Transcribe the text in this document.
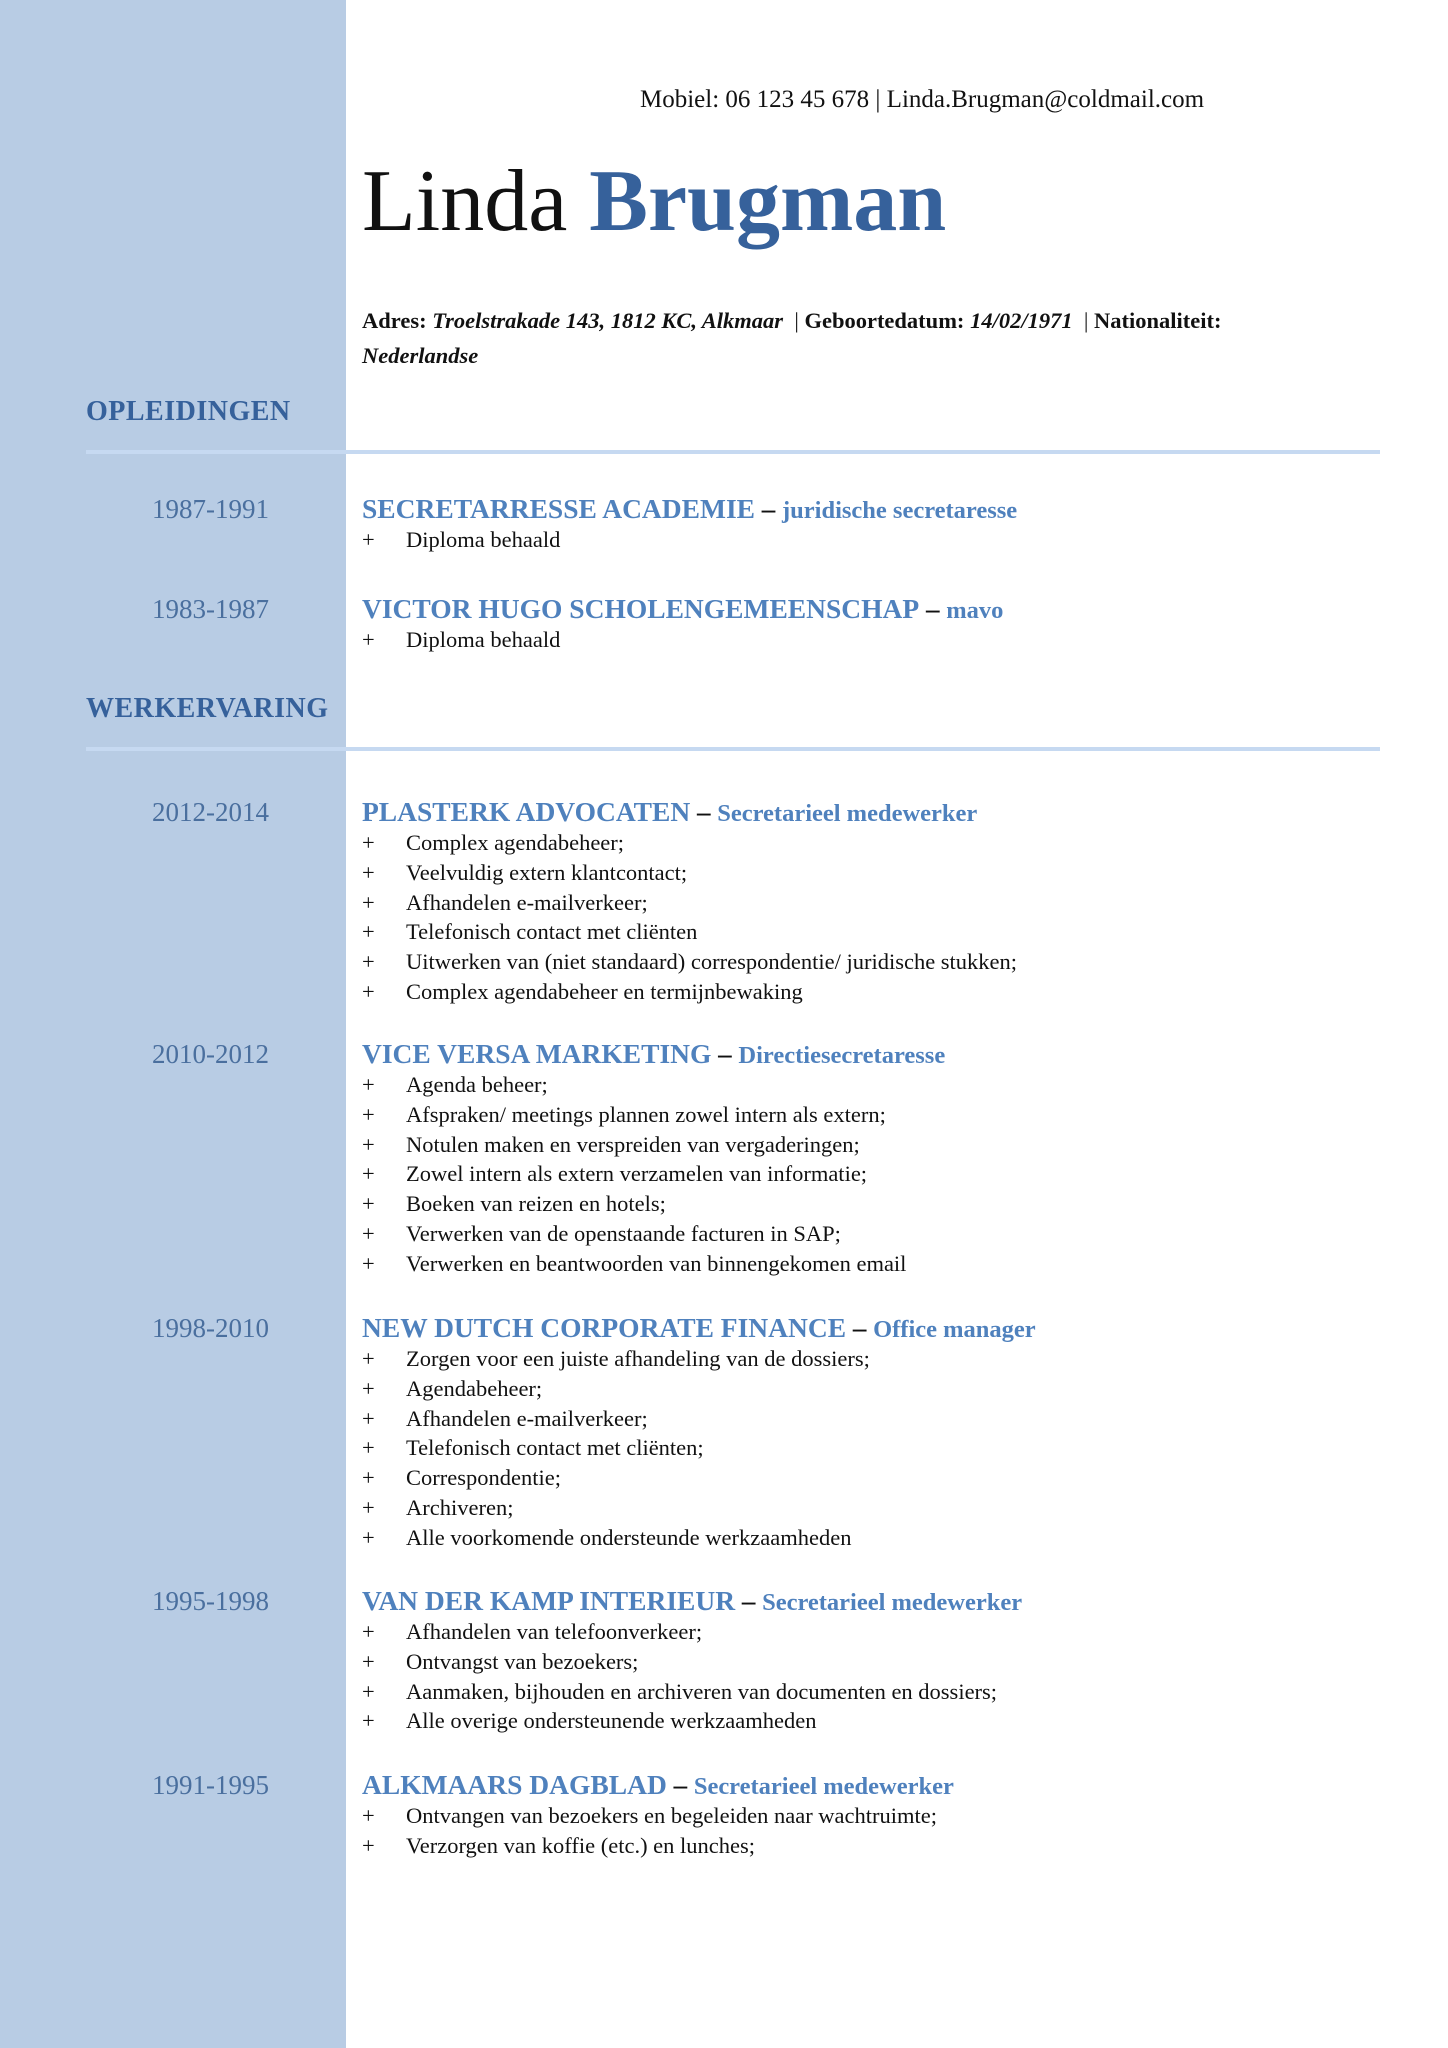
Mobiel: 06 123 45 678 | Linda.Brugman@coldmail.com
Linda Brugman
Adres: Troelstrakade 143, 1812 KC, Alkmaar  | Geboortedatum: 14/02/1971  | Nationaliteit:
Nederlandse
OPLEIDINGEN
WERKERVARING
1987-1991	SECRETARRESSE ACADEMIE – juridische secretaresse
+ Diploma behaald
1983-1987	VICTOR HUGO SCHOLENGEMEENSCHAP – mavo
+ Diploma behaald
2012-2014	PLASTERK ADVOCATEN – Secretarieel medewerker
+ Complex agendabeheer;
+ Veelvuldig extern klantcontact;
+ Afhandelen e-mailverkeer;
+ Telefonisch contact met cliënten
+ Uitwerken van (niet standaard) correspondentie/ juridische stukken;
+ Complex agendabeheer en termijnbewaking
2010-2012	VICE VERSA MARKETING – Directiesecretaresse
+ Agenda beheer;
+ Afspraken/ meetings plannen zowel intern als extern;
+ Notulen maken en verspreiden van vergaderingen;
+ Zowel intern als extern verzamelen van informatie;
+ Boeken van reizen en hotels;
+ Verwerken van de openstaande facturen in SAP;
+ Verwerken en beantwoorden van binnengekomen email
1998-2010	NEW DUTCH CORPORATE FINANCE – Office manager
+ Zorgen voor een juiste afhandeling van de dossiers;
+ Agendabeheer;
+ Afhandelen e-mailverkeer;
+ Telefonisch contact met cliënten;
+ Correspondentie;
+ Archiveren;
+ Alle voorkomende ondersteunde werkzaamheden
1995-1998	VAN DER KAMP INTERIEUR – Secretarieel medewerker
+ Afhandelen van telefoonverkeer;
+ Ontvangst van bezoekers;
+ Aanmaken, bijhouden en archiveren van documenten en dossiers;
+ Alle overige ondersteunende werkzaamheden
1991-1995	ALKMAARS DAGBLAD – Secretarieel medewerker
+ Ontvangen van bezoekers en begeleiden naar wachtruimte;
+ Verzorgen van koffie (etc.) en lunches;
